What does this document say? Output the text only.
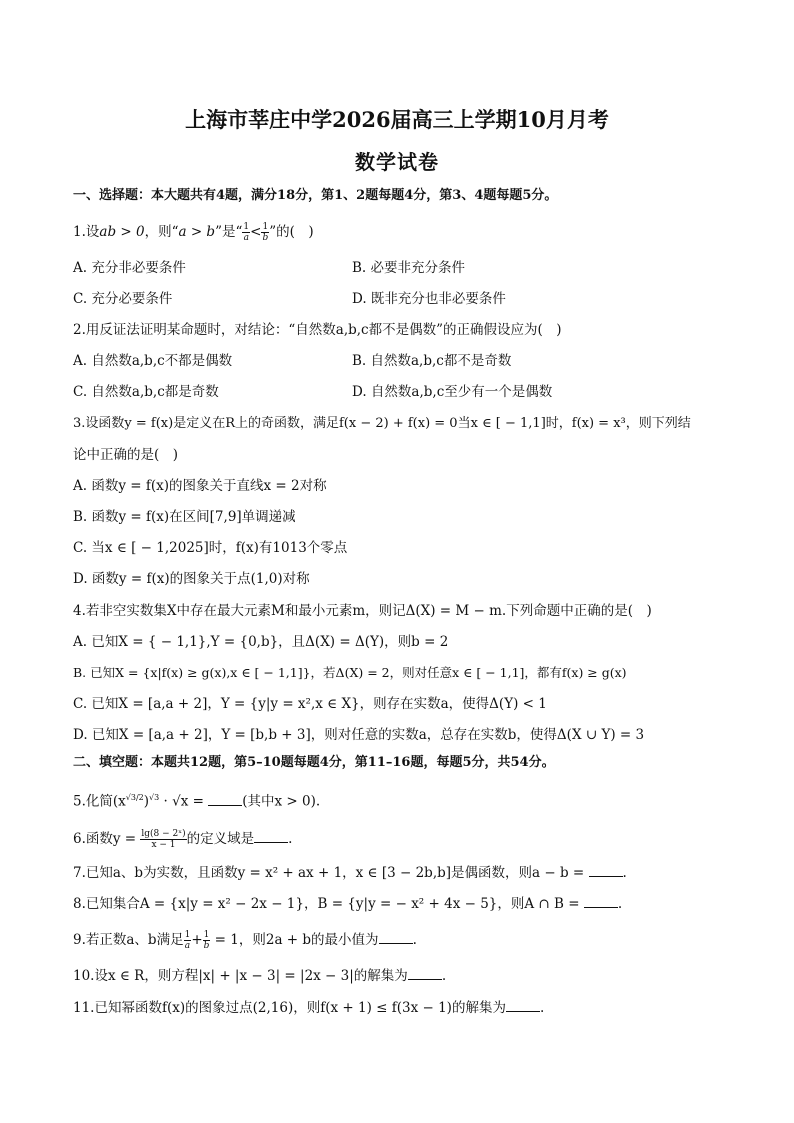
上海市莘庄中学2026届高三上学期10月月考
数学试卷
一、选择题：本大题共有4题，满分18分，第1、2题每题4分，第3、4题每题5分。
1.设ab > 0，则“a > b”是“ $\frac{1}{a} < \frac{1}{b}$ ”的(　)
A. 充分非必要条件	B. 必要非充分条件
C. 充分必要条件	D. 既非充分也非必要条件
2.用反证法证明某命题时，对结论：“自然数a,b,c都不是偶数”的正确假设应为(　)
A. 自然数a,b,c不都是偶数	B. 自然数a,b,c都不是奇数
C. 自然数a,b,c都是奇数	D. 自然数a,b,c至少有一个是偶数
3.设函数y = f(x)是定义在R上的奇函数，满足f(x − 2) + f(x) = 0当x ∈ [ − 1,1]时，f(x) = x³，则下列结
论中正确的是(　)
A. 函数y = f(x)的图象关于直线x = 2对称
B. 函数y = f(x)在区间[7,9]单调递减
C. 当x ∈ [ − 1,2025]时，f(x)有1013个零点
D. 函数y = f(x)的图象关于点(1,0)对称
4.若非空实数集X中存在最大元素M和最小元素m，则记Δ(X) = M − m.下列命题中正确的是(　)
A. 已知X = { − 1,1},Y = {0,b}，且Δ(X) = Δ(Y)，则b = 2
B. 已知X = {x|f(x) ≥ g(x),x ∈ [ − 1,1]}，若Δ(X) = 2，则对任意x ∈ [ − 1,1]，都有f(x) ≥ g(x)
C. 已知X = [a,a + 2]，Y = {y|y = x²,x ∈ X}，则存在实数a，使得Δ(Y) < 1
D. 已知X = [a,a + 2]，Y = [b,b + 3]，则对任意的实数a，总存在实数b，使得Δ(X ∪ Y) = 3
二、填空题：本题共12题，第5–10题每题4分，第11–16题，每题5分，共54分。
5.化简$(x^{√3/2})^{√3} \cdot √x$ =	(其中x > 0).
6.函数$y = \frac{\text{lg(8 − 2ˣ)}}{x - 1}$ 的定义域是	.
7.已知a、b为实数，且函数y = x² + ax + 1，x ∈ [3 − 2b,b]是偶函数，则a − b =	.
8.已知集合A = {x|y = x² − 2x − 1}，B = {y|y = − x² + 4x − 5}，则A ∩ B =	.
9.若正数a、b满足 $\frac{1}{a} + \frac{1}{b} = 1$，则2a + b的最小值为	.
10.设x ∈ R，则方程|x| + |x − 3| = |2x − 3|的解集为	.
11.已知幂函数f(x)的图象过点(2,16)，则f(x + 1) ≤ f(3x − 1)的解集为	.
